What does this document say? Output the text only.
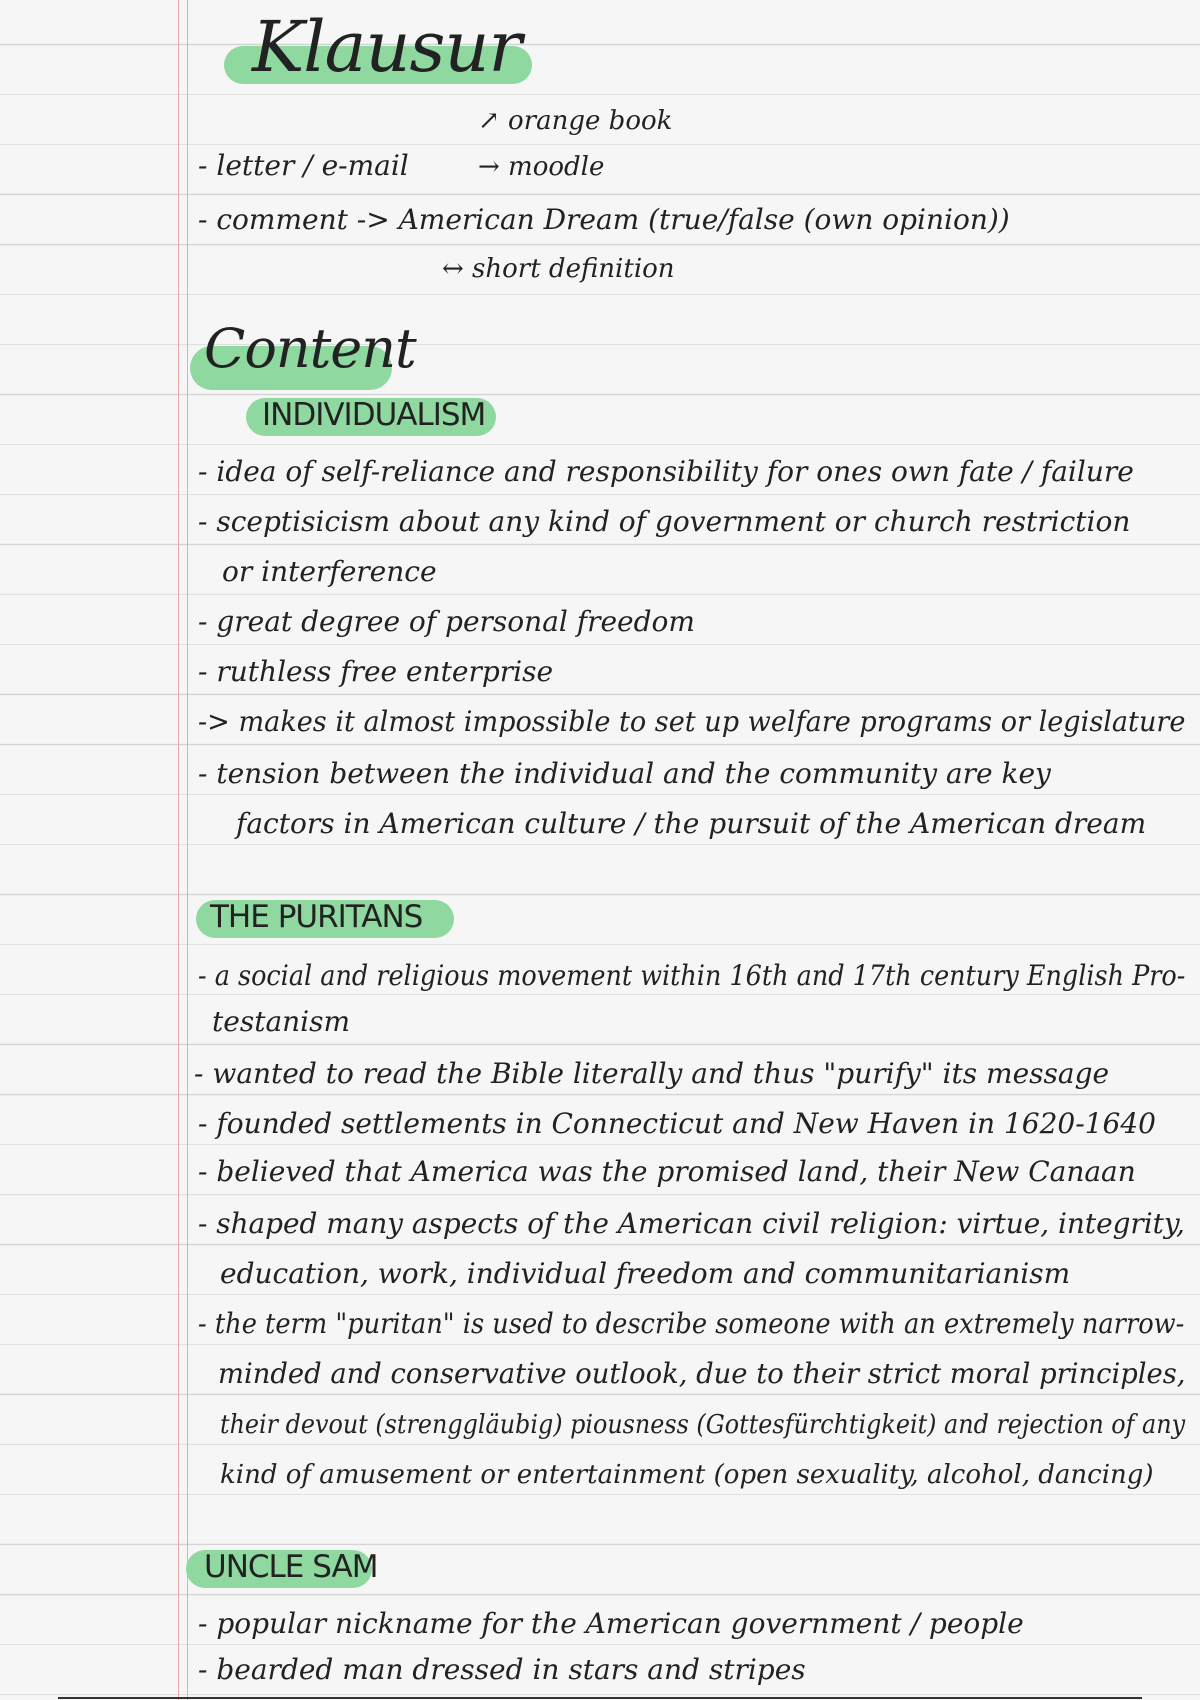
Klausur
- letter / e-mail
↗ orange book
→ moodle
- comment -> American Dream (true/false (own opinion))
↔ short definition
Content
INDIVIDUALISM
- idea of self-reliance and responsibility for ones own fate / failure
- sceptisicism about any kind of government or church restriction
or interference
- great degree of personal freedom
- ruthless free enterprise
-> makes it almost impossible to set up welfare programs or legislature
- tension between the individual and the community are key
factors in American culture / the pursuit of the American dream
THE PURITANS
- a social and religious movement within 16th and 17th century English Pro-
testanism
- wanted to read the Bible literally and thus "purify" its message
- founded settlements in Connecticut and New Haven in 1620-1640
- believed that America was the promised land, their New Canaan
- shaped many aspects of the American civil religion: virtue, integrity,
education, work, individual freedom and communitarianism
- the term "puritan" is used to describe someone with an extremely narrow-
minded and conservative outlook, due to their strict moral principles,
their devout (strenggläubig) piousness (Gottesfürchtigkeit) and rejection of any
kind of amusement or entertainment (open sexuality, alcohol, dancing)
UNCLE SAM
- popular nickname for the American government / people
- bearded man dressed in stars and stripes
